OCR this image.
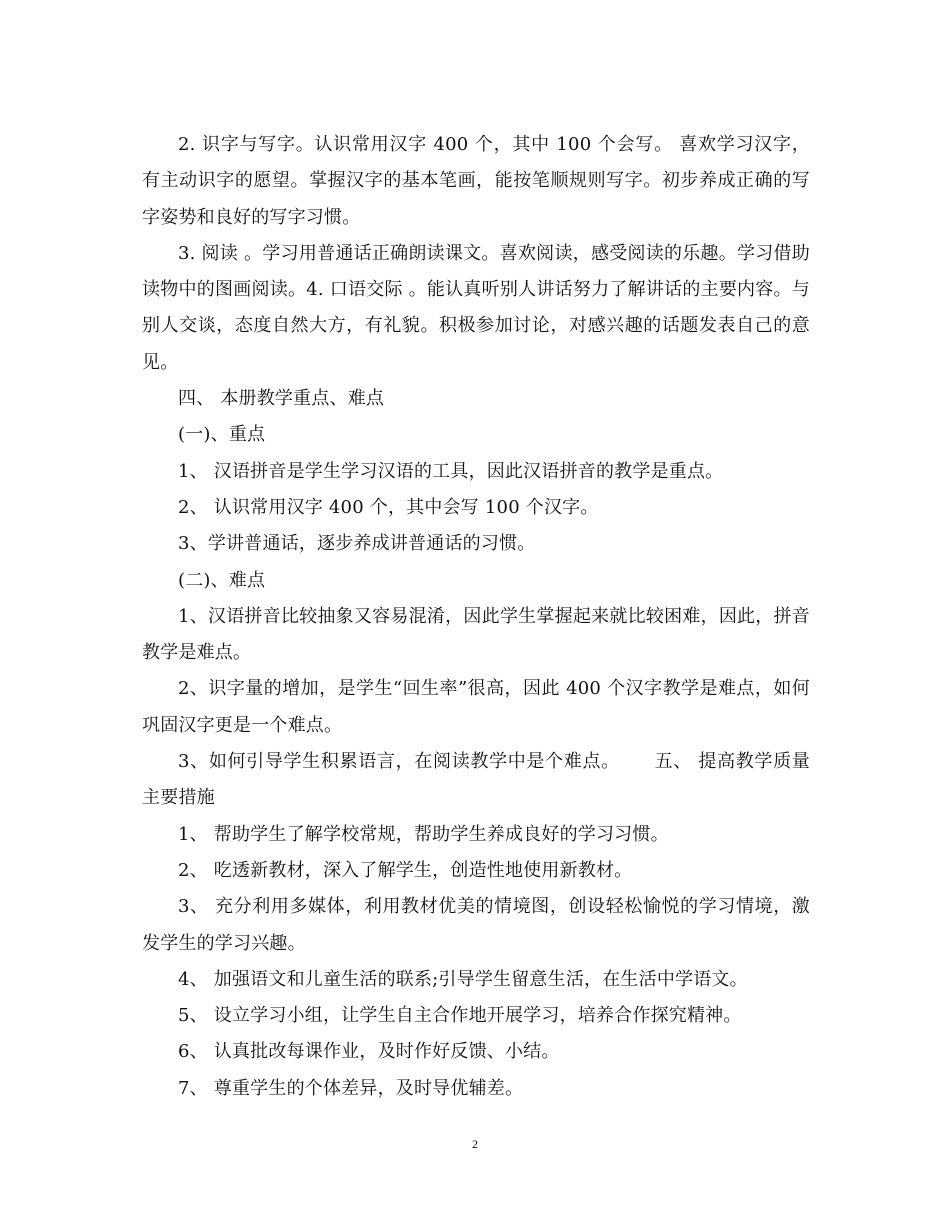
2. 识字与写字。认识常用汉字 400 个，其中 100 个会写。 喜欢学习汉字，有主动识字的愿望。掌握汉字的基本笔画，能按笔顺规则写字。初步养成正确的写字姿势和良好的写字习惯。

3. 阅读 。学习用普通话正确朗读课文。喜欢阅读，感受阅读的乐趣。学习借助读物中的图画阅读。4. 口语交际 。能认真听别人讲话努力了解讲话的主要内容。与别人交谈，态度自然大方，有礼貌。积极参加讨论，对感兴趣的话题发表自己的意见。

四、 本册教学重点、难点

(一)、重点

1、 汉语拼音是学生学习汉语的工具，因此汉语拼音的教学是重点。

2、 认识常用汉字 400 个，其中会写 100 个汉字。

3、学讲普通话，逐步养成讲普通话的习惯。

(二)、难点

1、汉语拼音比较抽象又容易混淆，因此学生掌握起来就比较困难，因此，拼音教学是难点。

2、识字量的增加，是学生“回生率”很高，因此 400 个汉字教学是难点，如何巩固汉字更是一个难点。

3、如何引导学生积累语言，在阅读教学中是个难点。　　 五、 提高教学质量主要措施

1、 帮助学生了解学校常规，帮助学生养成良好的学习习惯。

2、 吃透新教材，深入了解学生，创造性地使用新教材。

3、 充分利用多媒体，利用教材优美的情境图，创设轻松愉悦的学习情境，激发学生的学习兴趣。

4、 加强语文和儿童生活的联系;引导学生留意生活，在生活中学语文。

5、 设立学习小组，让学生自主合作地开展学习，培养合作探究精神。

6、 认真批改每课作业，及时作好反馈、小结。

7、 尊重学生的个体差异，及时导优辅差。

2
